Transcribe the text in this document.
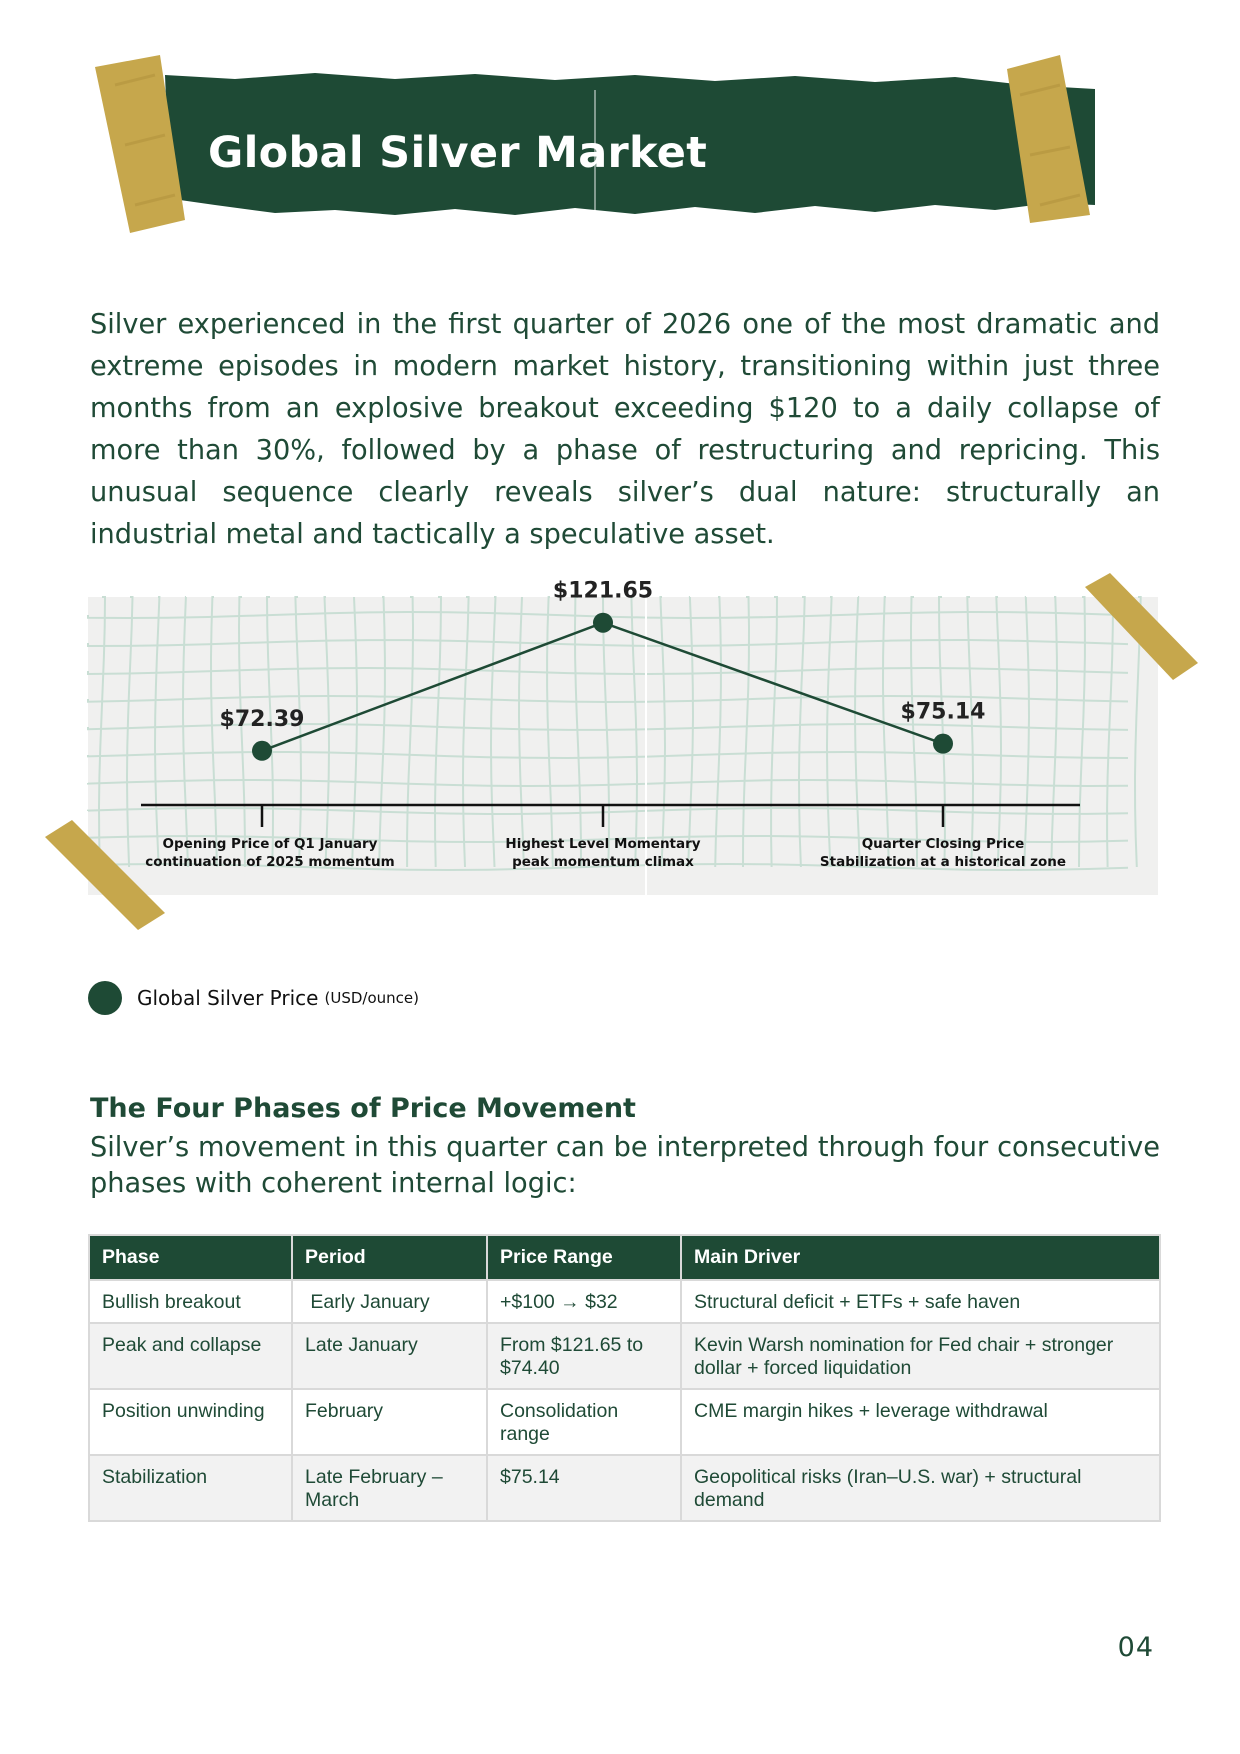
Global Silver Market

Silver experienced in the first quarter of 2026 one of the most dramatic and extreme episodes in modern market history, transitioning within just three months from an explosive breakout exceeding $120 to a daily collapse of more than 30%, followed by a phase of restructuring and repricing. This unusual sequence clearly reveals silver’s dual nature: structurally an industrial metal and tactically a speculative asset.

$72.39
$121.65
$75.14
Opening Price of Q1 January
continuation of 2025 momentum
Highest Level Momentary
peak momentum climax
Quarter Closing Price
Stabilization at a historical zone
Global Silver Price (USD/ounce)
The Four Phases of Price Movement

Silver’s movement in this quarter can be interpreted through four consecutive phases with coherent internal logic:

Phase	Period	Price Range	Main Driver
Bullish breakout	Early January	+$100 → $32	Structural deficit + ETFs + safe haven
Peak and collapse	Late January	From $121.65 to $74.40	Kevin Warsh nomination for Fed chair + stronger dollar + forced liquidation
Position unwinding	February	Consolidation range	CME margin hikes + leverage withdrawal
Stabilization	Late February – March	$75.14	Geopolitical risks (Iran–U.S. war) + structural demand

04
